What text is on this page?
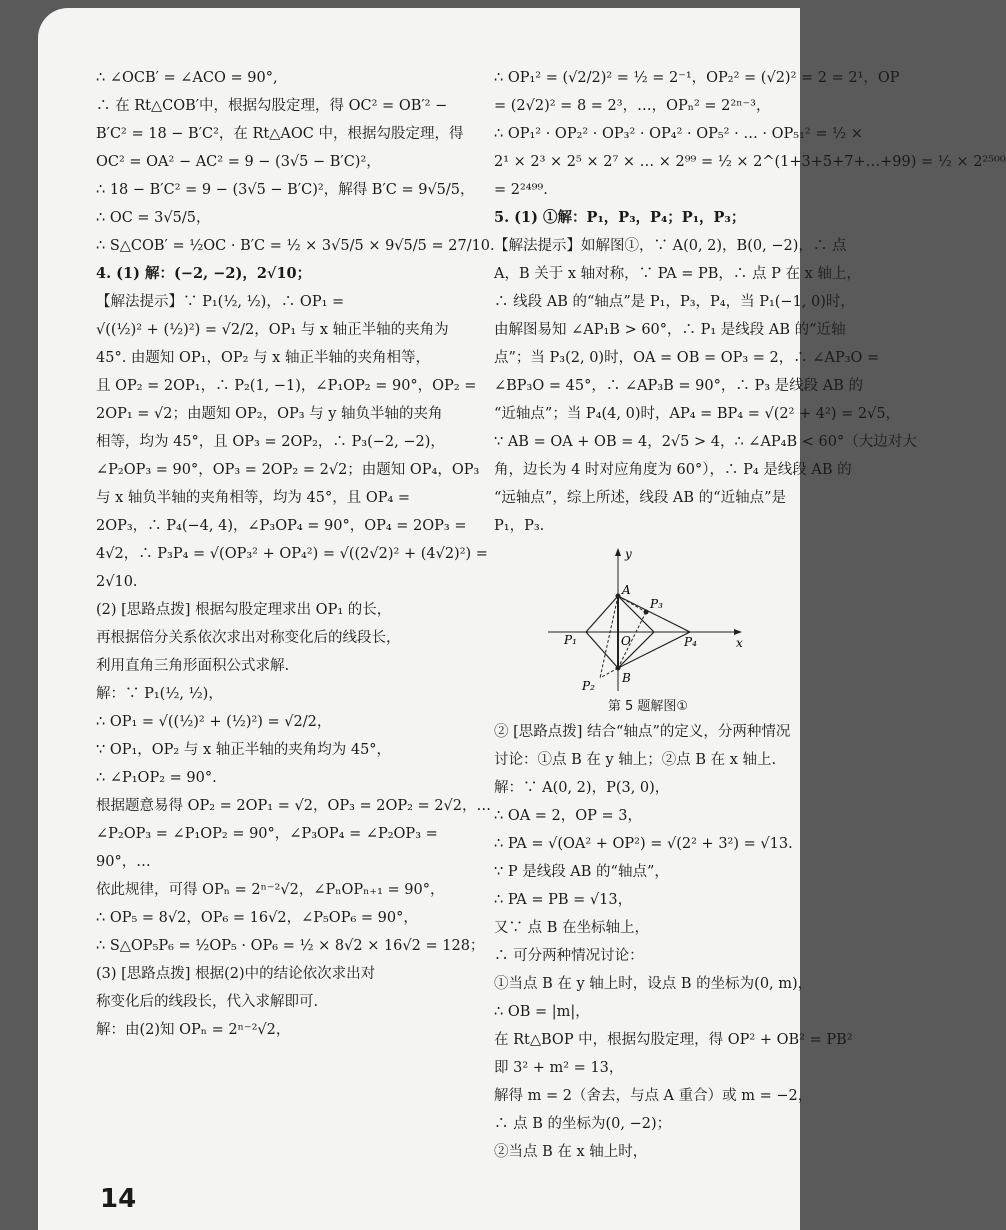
∴ ∠OCB′ = ∠ACO = 90°,
∴ 在 Rt△COB′中，根据勾股定理，得 OC² = OB′² −
B′C² = 18 − B′C²，在 Rt△AOC 中，根据勾股定理，得
OC² = OA² − AC² = 9 − (3√5 − B′C)²，
∴ 18 − B′C² = 9 − (3√5 − B′C)²，解得 B′C = 9√5/5，
∴ OC = 3√5/5，
∴ S△COB′ = ½OC · B′C = ½ × 3√5/5 × 9√5/5 = 27/10.
4. (1) 解：(−2, −2)，2√10；
【解法提示】∵ P₁(½, ½)，∴ OP₁ =
√((½)² + (½)²) = √2/2，OP₁ 与 x 轴正半轴的夹角为
45°. 由题知 OP₁，OP₂ 与 x 轴正半轴的夹角相等，
且 OP₂ = 2OP₁，∴ P₂(1, −1)，∠P₁OP₂ = 90°，OP₂ =
2OP₁ = √2；由题知 OP₂，OP₃ 与 y 轴负半轴的夹角
相等，均为 45°，且 OP₃ = 2OP₂，∴ P₃(−2, −2)，
∠P₂OP₃ = 90°，OP₃ = 2OP₂ = 2√2；由题知 OP₄，OP₃
与 x 轴负半轴的夹角相等，均为 45°，且 OP₄ =
2OP₃，∴ P₄(−4, 4)，∠P₃OP₄ = 90°，OP₄ = 2OP₃ =
4√2，∴ P₃P₄ = √(OP₃² + OP₄²) = √((2√2)² + (4√2)²) =
2√10.
(2) [思路点拨] 根据勾股定理求出 OP₁ 的长，
再根据倍分关系依次求出对称变化后的线段长，
利用直角三角形面积公式求解.
解：∵ P₁(½, ½)，
∴ OP₁ = √((½)² + (½)²) = √2/2，
∵ OP₁，OP₂ 与 x 轴正半轴的夹角均为 45°，
∴ ∠P₁OP₂ = 90°.
根据题意易得 OP₂ = 2OP₁ = √2，OP₃ = 2OP₂ = 2√2，…
∠P₂OP₃ = ∠P₁OP₂ = 90°，∠P₃OP₄ = ∠P₂OP₃ =
90°，…
依此规律，可得 OPₙ = 2ⁿ⁻²√2，∠PₙOPₙ₊₁ = 90°，
∴ OP₅ = 8√2，OP₆ = 16√2，∠P₅OP₆ = 90°，
∴ S△OP₅P₆ = ½OP₅ · OP₆ = ½ × 8√2 × 16√2 = 128；
(3) [思路点拨] 根据(2)中的结论依次求出对
称变化后的线段长，代入求解即可.
解：由(2)知 OPₙ = 2ⁿ⁻²√2，
∴ OP₁² = (√2/2)² = ½ = 2⁻¹，OP₂² = (√2)² = 2 = 2¹，OP
= (2√2)² = 8 = 2³，…，OPₙ² = 2²ⁿ⁻³，
∴ OP₁² · OP₂² · OP₃² · OP₄² · OP₅² · … · OP₅₁² = ½ ×
2¹ × 2³ × 2⁵ × 2⁷ × … × 2⁹⁹ = ½ × 2^(1+3+5+7+…+99) = ½ × 2²⁵⁰⁰
= 2²⁴⁹⁹.
5. (1) ①解：P₁，P₃，P₄；P₁，P₃；
【解法提示】如解图①，∵ A(0, 2)，B(0, −2)，∴ 点
A，B 关于 x 轴对称，∵ PA = PB，∴ 点 P 在 x 轴上，
∴ 线段 AB 的“轴点”是 P₁，P₃，P₄，当 P₁(−1, 0)时，
由解图易知 ∠AP₁B > 60°，∴ P₁ 是线段 AB 的“近轴
点”；当 P₃(2, 0)时，OA = OB = OP₃ = 2，∴ ∠AP₃O =
∠BP₃O = 45°，∴ ∠AP₃B = 90°，∴ P₃ 是线段 AB 的
“近轴点”；当 P₄(4, 0)时，AP₄ = BP₄ = √(2² + 4²) = 2√5，
∵ AB = OA + OB = 4，2√5 > 4，∴ ∠AP₄B < 60°（大边对大
角，边长为 4 时对应角度为 60°），∴ P₄ 是线段 AB 的
“远轴点”，综上所述，线段 AB 的“近轴点”是
P₁，P₃.
y
x
A
B
O
P₁
P₂
P₃
P₄
第 5 题解图①
② [思路点拨] 结合“轴点”的定义，分两种情况
讨论：①点 B 在 y 轴上；②点 B 在 x 轴上.
解：∵ A(0, 2)，P(3, 0)，
∴ OA = 2，OP = 3，
∴ PA = √(OA² + OP²) = √(2² + 3²) = √13.
∵ P 是线段 AB 的“轴点”，
∴ PA = PB = √13，
又∵ 点 B 在坐标轴上，
∴ 可分两种情况讨论：
①当点 B 在 y 轴上时，设点 B 的坐标为(0, m)，
∴ OB = |m|，
在 Rt△BOP 中，根据勾股定理，得 OP² + OB² = PB²
即 3² + m² = 13，
解得 m = 2（舍去，与点 A 重合）或 m = −2，
∴ 点 B 的坐标为(0, −2)；
②当点 B 在 x 轴上时，
14
